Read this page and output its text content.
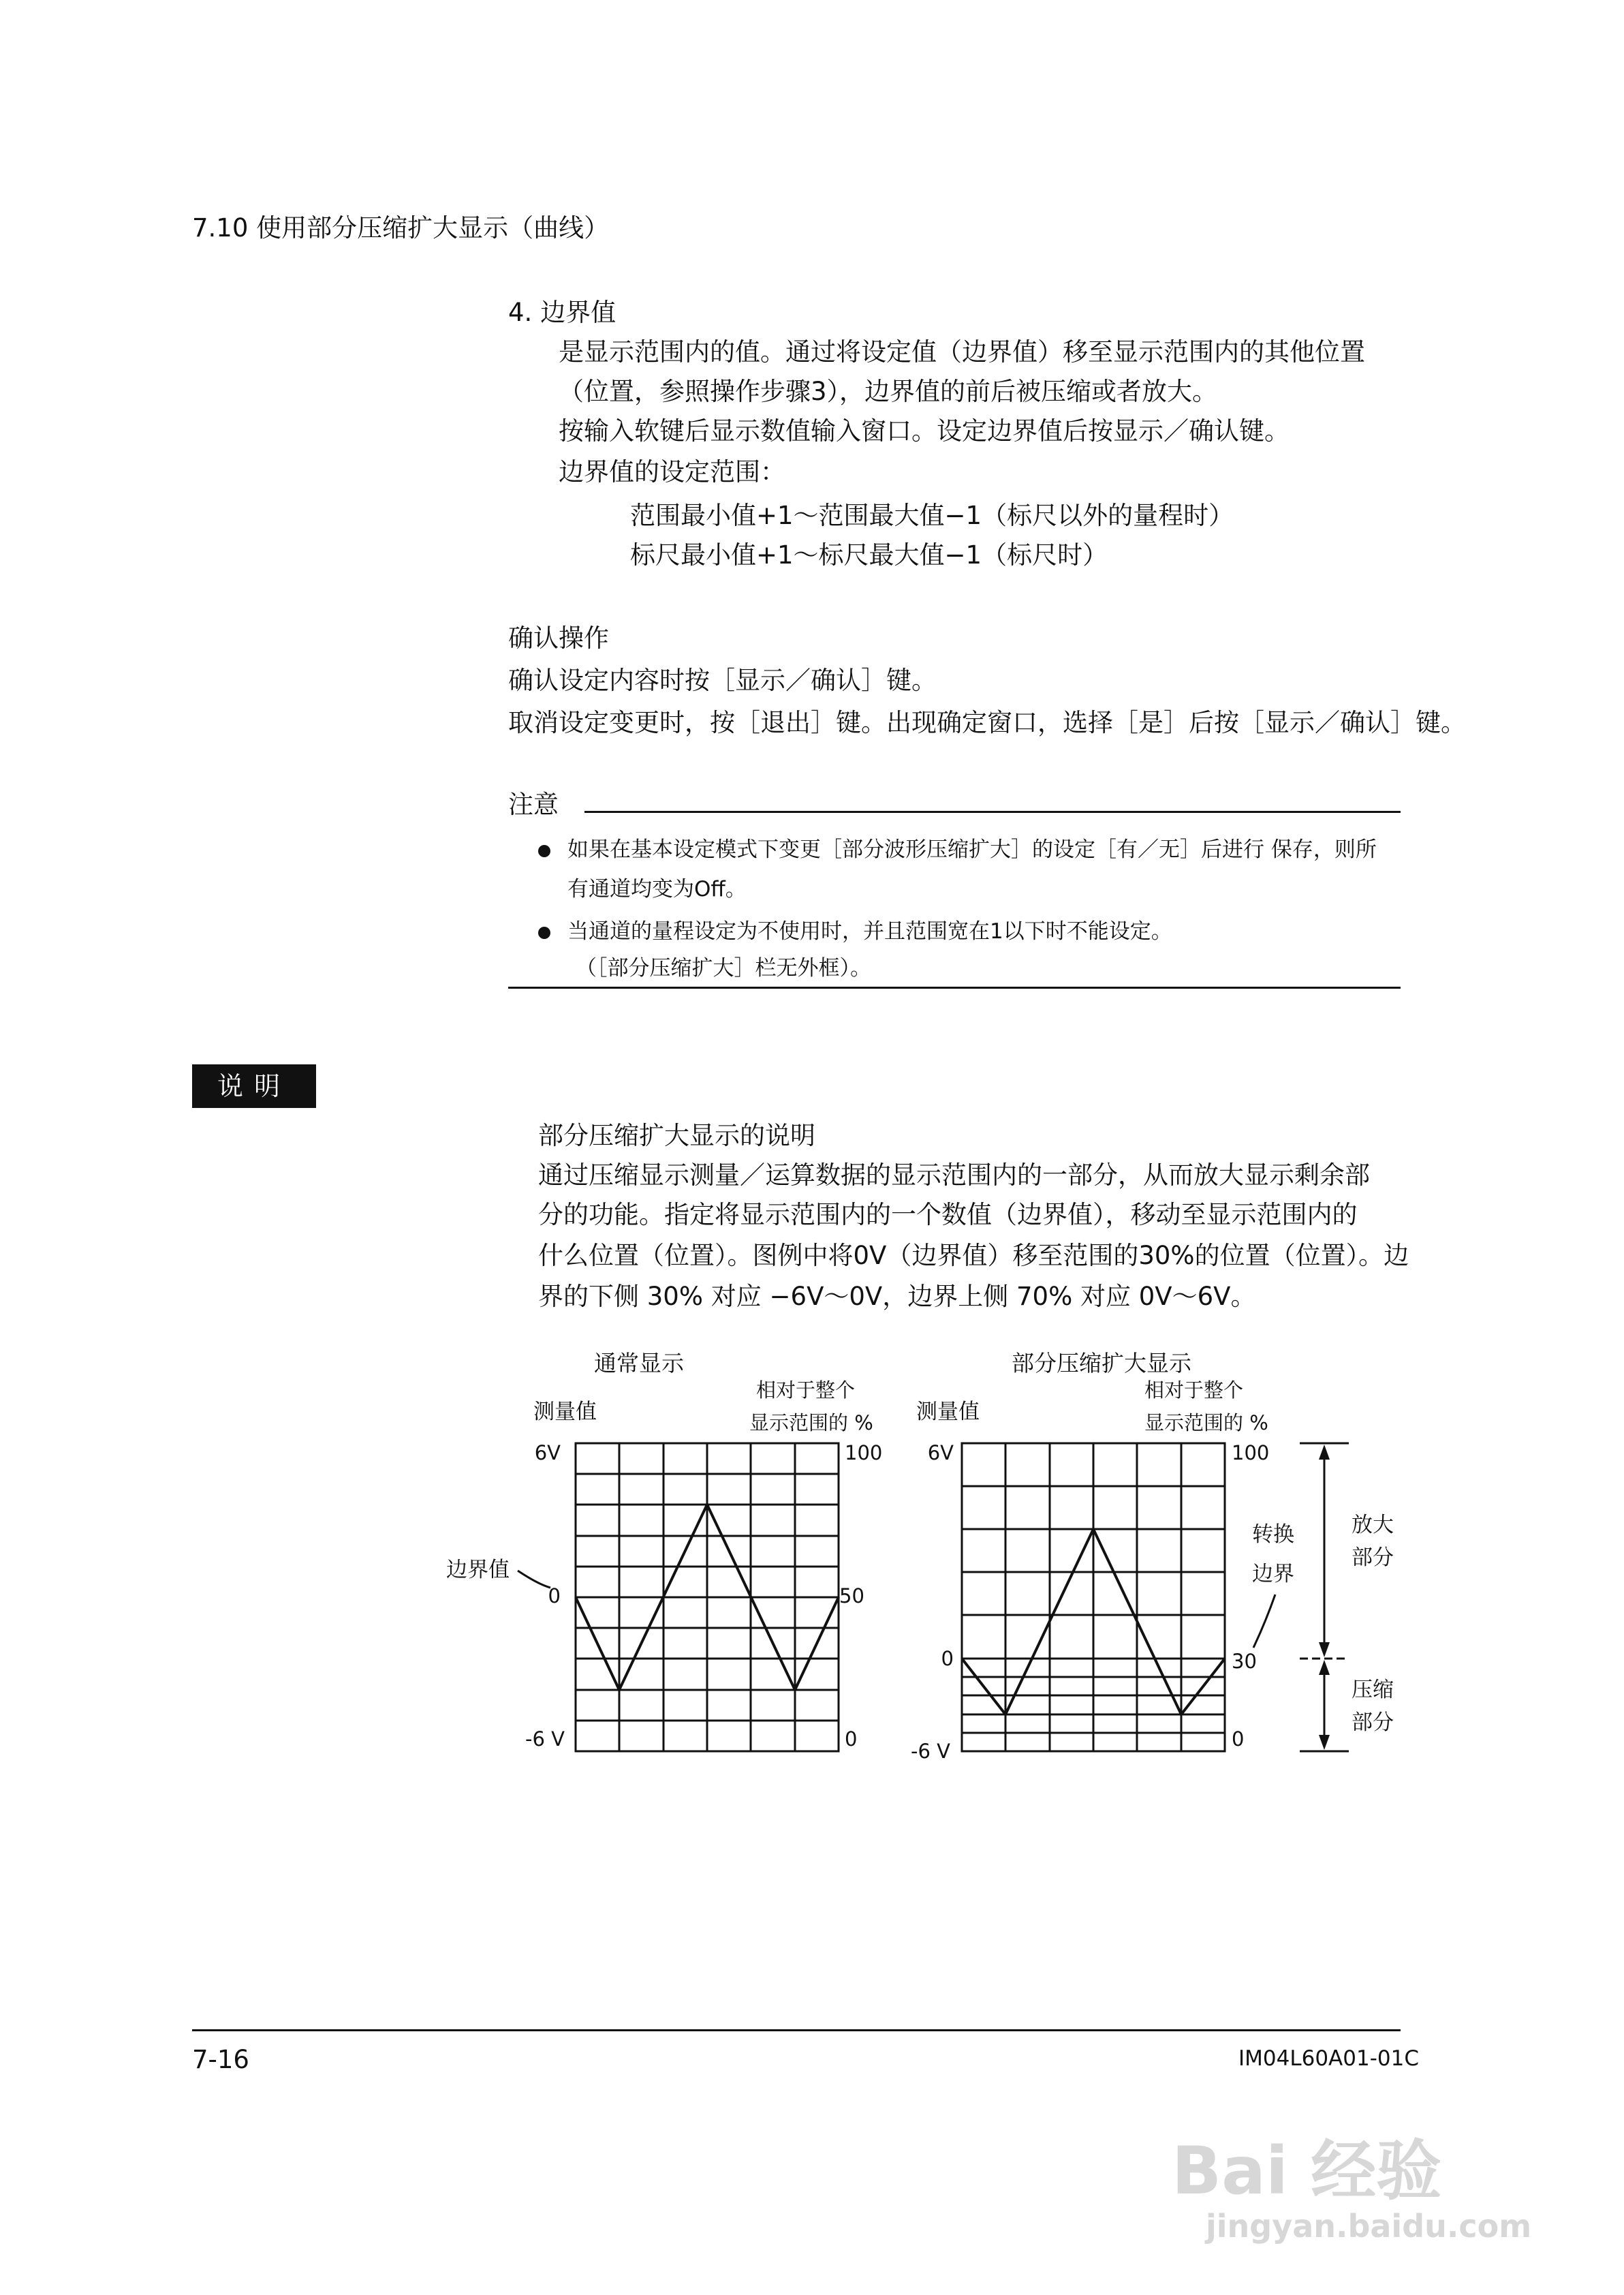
7.10 使用部分压缩扩大显示（曲线）
4. 边界值
是显示范围内的值。通过将设定值（边界值）移至显示范围内的其他位置
（位置，参照操作步骤3），边界值的前后被压缩或者放大。
按输入软键后显示数值输入窗口。设定边界值后按显示／确认键。
边界值的设定范围：
范围最小值+1～范围最大值−1（标尺以外的量程时）
标尺最小值+1～标尺最大值−1（标尺时）
确认操作
确认设定内容时按［显示／确认］键。
取消设定变更时，按［退出］键。出现确定窗口，选择［是］后按［显示／确认］键。
注意
如果在基本设定模式下变更［部分波形压缩扩大］的设定［有／无］后进行 保存，则所
有通道均变为Off。
当通道的量程设定为不使用时，并且范围宽在1以下时不能设定。
（［部分压缩扩大］栏无外框）。
说明
部分压缩扩大显示的说明
通过压缩显示测量／运算数据的显示范围内的一部分，从而放大显示剩余部
分的功能。指定将显示范围内的一个数值（边界值），移动至显示范围内的
什么位置（位置）。图例中将0V（边界值）移至范围的30%的位置（位置）。边
界的下侧 30% 对应 −6V～0V，边界上侧 70% 对应 0V～6V。
通常显示
测量值
相对于整个
显示范围的 %
6V
0
-6 V
100
50
0
边界值
部分压缩扩大显示
测量值
相对于整个
显示范围的 %
6V
0
-6 V
100
30
0
转换
边界
放大
部分
压缩
部分
7-16	IM04L60A01-01C
Bai 经验
jingyan.baidu.com
